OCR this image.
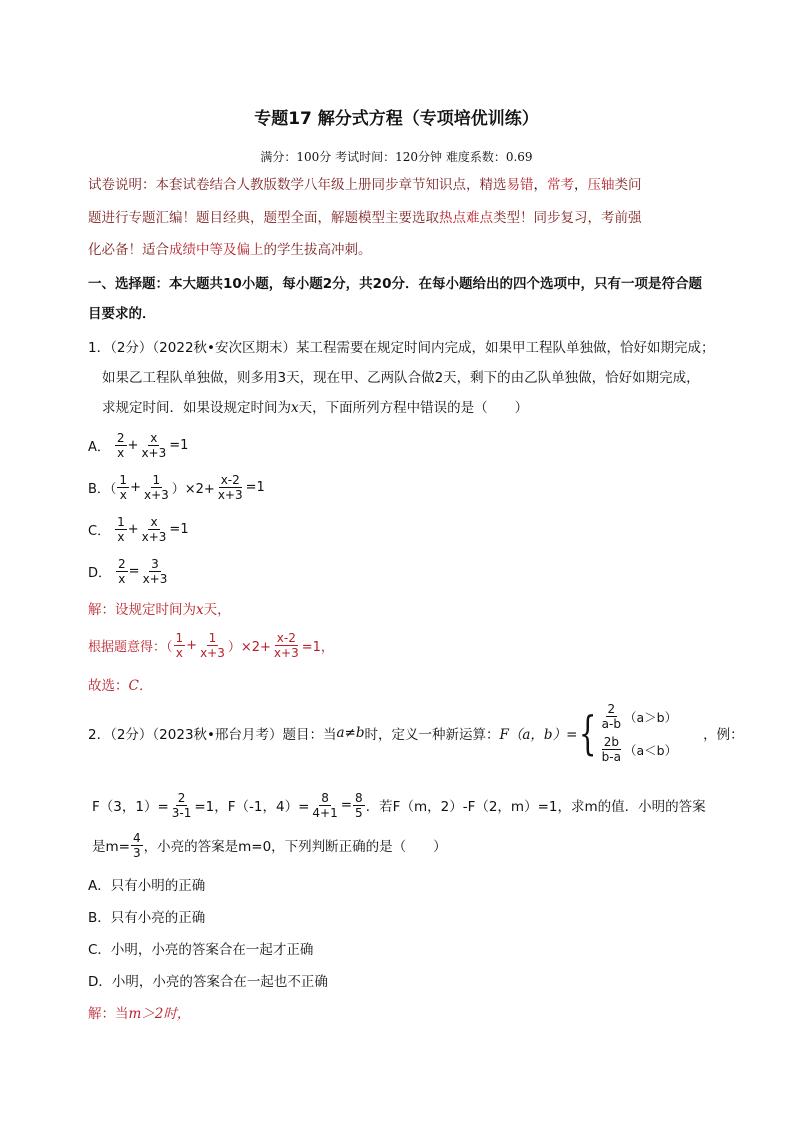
专题17 解分式方程（专项培优训练）
满分：100分 考试时间：120分钟 难度系数：0.69
试卷说明：本套试卷结合人教版数学八年级上册同步章节知识点，精选易错，常考，压轴类问
题进行专题汇编！题目经典，题型全面，解题模型主要选取热点难点类型！同步复习，考前强
化必备！适合成绩中等及偏上的学生拔高冲刺。
一、选择题：本大题共10小题，每小题2分，共20分．在每小题给出的四个选项中，只有一项是符合题
目要求的．
1．（2分）（2022秋•安次区期末）某工程需要在规定时间内完成，如果甲工程队单独做，恰好如期完成；
如果乙工程队单独做，则多用3天，现在甲、乙两队合做2天，剩下的由乙队单独做，恰好如期完成，
求规定时间．如果设规定时间为x天，下面所列方程中错误的是（　　）
A． $\frac{2}{x} + \frac{x}{x+3} =1$
B．（ $\frac{1}{x} + \frac{1}{x+3} )\times 2+ \frac{x-2}{x+3} =1$
C． $\frac{1}{x} + \frac{x}{x+3} =1$
D． $\frac{2}{x} = \frac{3}{x+3}$
解：设规定时间为x天，
根据题意得：（ $\frac{1}{x} + \frac{1}{x+3} )\times 2+ \frac{x-2}{x+3} =1$，
故选：C．
2．（2分）（2023秋•邢台月考）题目：当 a≠b 时，定义一种新运算： F（a，b）= { $\frac{2}{a-b} (a>b)$
$\frac{2b}{b-a} (a<b)$
，例：
F（3，$1)= \frac{2}{3-1} =1$，F（-1，$4)= \frac{8}{4+1} = \frac{8}{5}$ ．若F（m，2）-F（2，m）=1，求m的值．小明的答案
是$m= \frac{4}{3}$ ，小亮的答案是m=0，下列判断正确的是（　　）
A．只有小明的正确
B．只有小亮的正确
C．小明，小亮的答案合在一起才正确
D．小明，小亮的答案合在一起也不正确
解：当m＞2时，
